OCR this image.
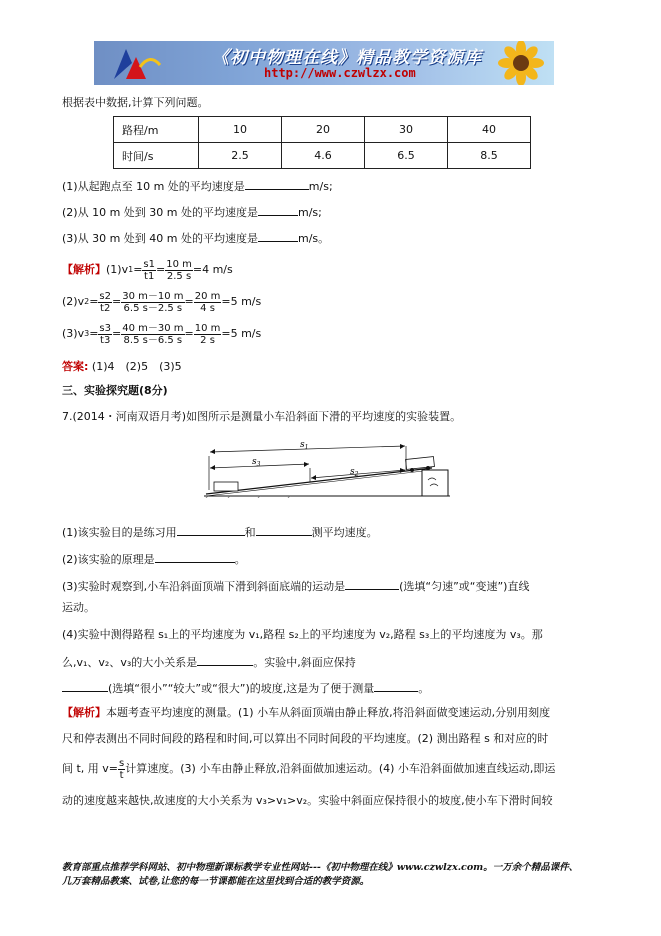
《初中物理在线》精品教学资源库
http://www.czwlzx.com
根据表中数据,计算下列问题。
路程/m	10	20	30	40
时间/s	2.5	4.6	6.5	8.5
(1)从起跑点至 10 m 处的平均速度是	m/s;
(2)从 10 m 处到 30 m 处的平均速度是	m/s;
(3)从 30 m 处到 40 m 处的平均速度是	m/s。
【解析】 (1)v $1 = \frac{s1}{t1} = \frac{10 m}{2.5 s} =4$ m/s
(2)v $2 = \frac{s2}{t2} = \frac{30 m-10 m}{6.5 s-2.5 s} = \frac{20 m}{4 s} =5$ m/s
(3)v $3 = \frac{s3}{t3} = \frac{40 m-30 m}{8.5 s-6.5 s} = \frac{10 m}{2 s} =5$ m/s
答案: (1)4　(2)5　(3)5
三、实验探究题(8分)
7.(2014・河南双语月考)如图所示是测量小车沿斜面下滑的平均速度的实验装置。
$s_1$
$s_3$
$s_2$
(1)该实验目的是练习用	和	测平均速度。
(2)该实验的原理是	。
(3)实验时观察到,小车沿斜面顶端下滑到斜面底端的运动是	(选填“匀速”或“变速”)直线
运动。
(4)实验中测得路程 s₁上的平均速度为 v₁,路程 s₂上的平均速度为 v₂,路程 s₃上的平均速度为 v₃。那
么,v₁、v₂、v₃的大小关系是	。实验中,斜面应保持
(选填“很小”“较大”或“很大”)的坡度,这是为了便于测量	。
【解析】本题考查平均速度的测量。(1) 小车从斜面顶端由静止释放,将沿斜面做变速运动,分别用刻度
尺和停表测出不同时间段的路程和时间,可以算出不同时间段的平均速度。(2) 测出路程 s 和对应的时
间 t, 用 $v= \frac{s}{t}$ 计算速度。(3) 小车由静止释放,沿斜面做加速运动。(4) 小车沿斜面做加速直线运动,即运
动的速度越来越快,故速度的大小关系为 v₃>v₁>v₂。实验中斜面应保持很小的坡度,使小车下滑时间较
教育部重点推荐学科网站、初中物理新课标教学专业性网站---《初中物理在线》www.czwlzx.com。一万余个精品课件、
几万套精品教案、试卷,让您的每一节课都能在这里找到合适的教学资源。
